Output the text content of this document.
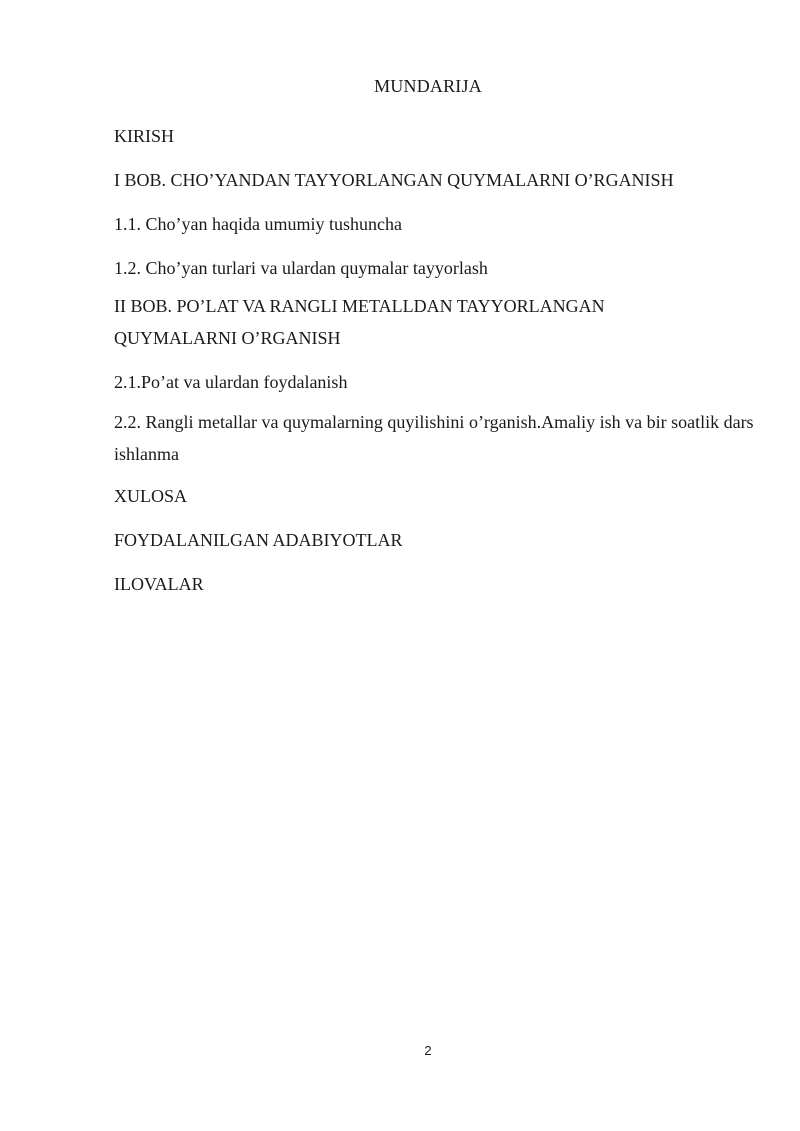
MUNDARIJA
KIRISH
I BOB. CHO’YANDAN TAYYORLANGAN QUYMALARNI O’RGANISH
1.1. Cho’yan haqida umumiy tushuncha
1.2. Cho’yan turlari va ulardan quymalar tayyorlash
II BOB. PO’LAT VA RANGLI METALLDAN TAYYORLANGAN QUYMALARNI O’RGANISH
2.1.Po’at va ulardan foydalanish
2.2. Rangli metallar va quymalarning quyilishini o’rganish.Amaliy ish va bir soatlik dars ishlanma
XULOSA
FOYDALANILGAN ADABIYOTLAR
ILOVALAR
2
